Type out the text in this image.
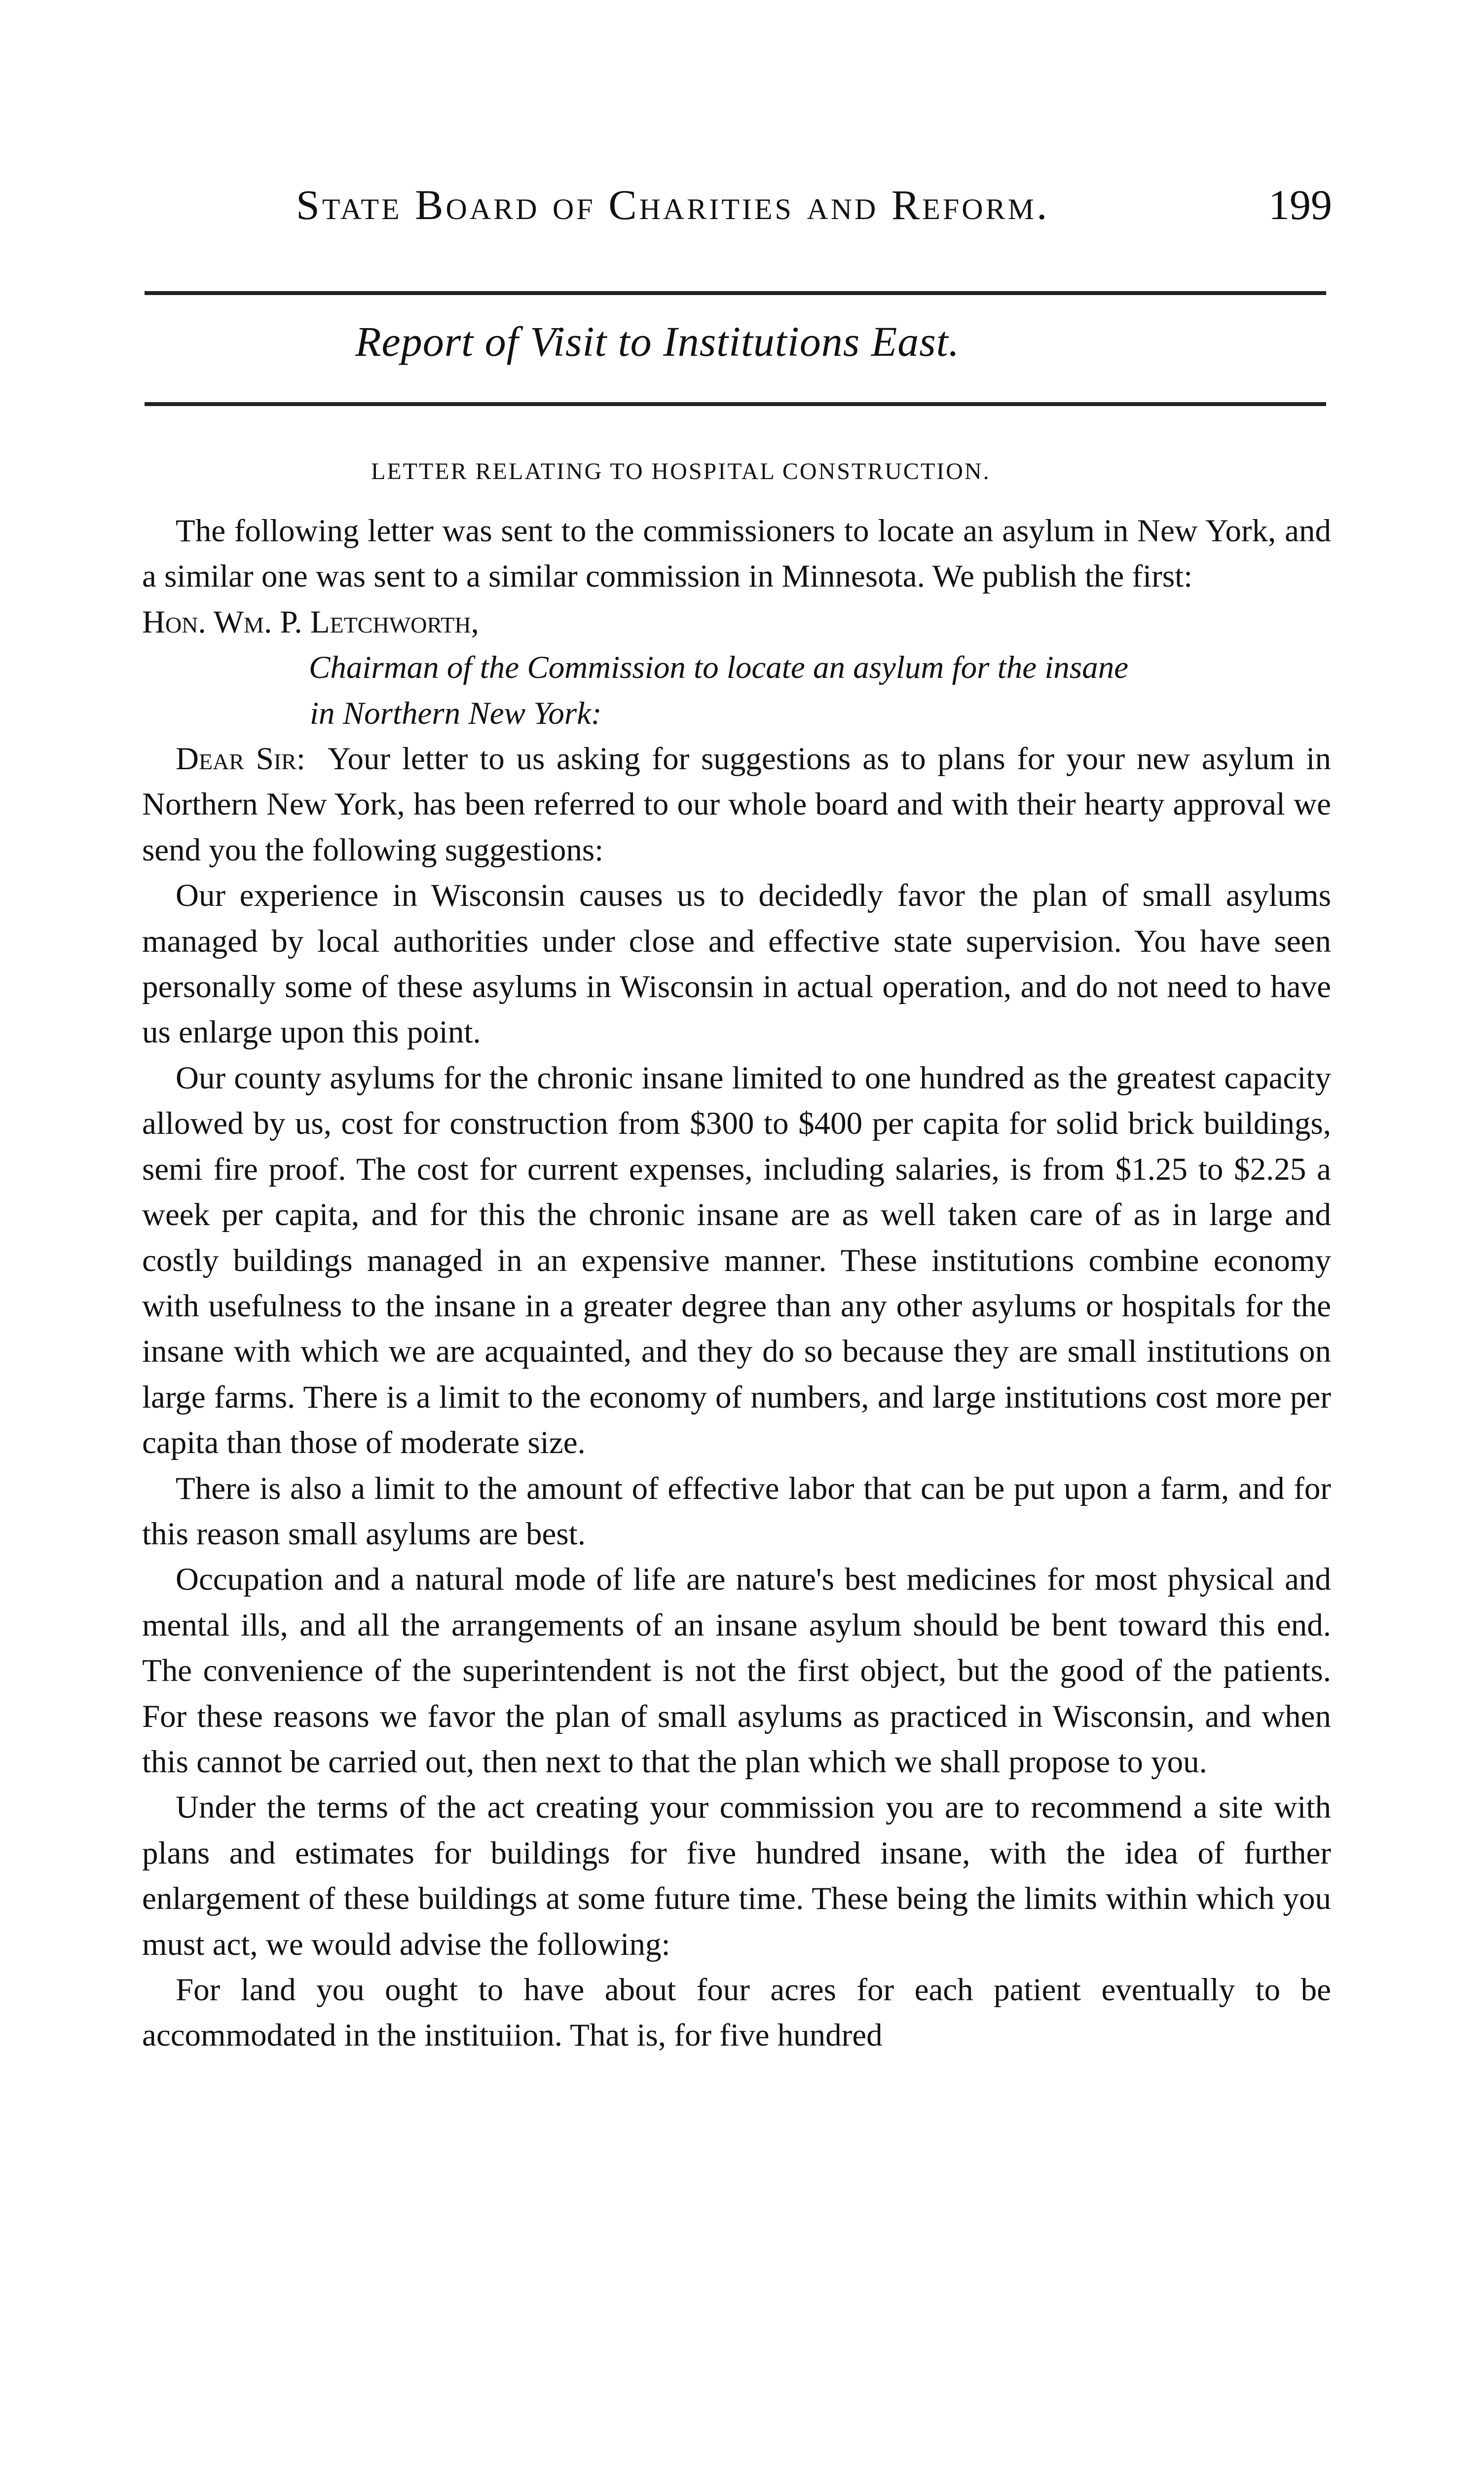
State Board of Charities and Reform.	199
Report of Visit to Institutions East.
LETTER RELATING TO HOSPITAL CONSTRUCTION.

The following letter was sent to the commissioners to locate an asylum in New York, and a similar one was sent to a similar commission in Minnesota. We publish the first:

Hon. Wm. P. Letchworth,

Chairman of the Commission to locate an asylum for the insane

in Northern New York:

Dear Sir: Your letter to us asking for suggestions as to plans for your new asylum in Northern New York, has been referred to our whole board and with their hearty approval we send you the following suggestions:

Our experience in Wisconsin causes us to decidedly favor the plan of small asylums managed by local authorities under close and effective state supervision. You have seen personally some of these asylums in Wisconsin in actual operation, and do not need to have us enlarge upon this point.

Our county asylums for the chronic insane limited to one hundred as the greatest capacity allowed by us, cost for construction from $300 to $400 per capita for solid brick buildings, semi fire proof. The cost for current expenses, including salaries, is from $1.25 to $2.25 a week per capita, and for this the chronic insane are as well taken care of as in large and costly buildings managed in an expensive manner. These institutions combine economy with usefulness to the insane in a greater degree than any other asylums or hospitals for the insane with which we are acquainted, and they do so because they are small institutions on large farms. There is a limit to the economy of numbers, and large institutions cost more per capita than those of moderate size.

There is also a limit to the amount of effective labor that can be put upon a farm, and for this reason small asylums are best.

Occupation and a natural mode of life are nature's best medicines for most physical and mental ills, and all the arrangements of an insane asylum should be bent toward this end. The convenience of the superintendent is not the first object, but the good of the patients. For these reasons we favor the plan of small asylums as practiced in Wisconsin, and when this cannot be carried out, then next to that the plan which we shall propose to you.

Under the terms of the act creating your commission you are to recommend a site with plans and estimates for buildings for five hundred insane, with the idea of further enlargement of these buildings at some future time. These being the limits within which you must act, we would advise the following:

For land you ought to have about four acres for each patient eventually to be accommodated in the instituiion. That is, for five hundred
